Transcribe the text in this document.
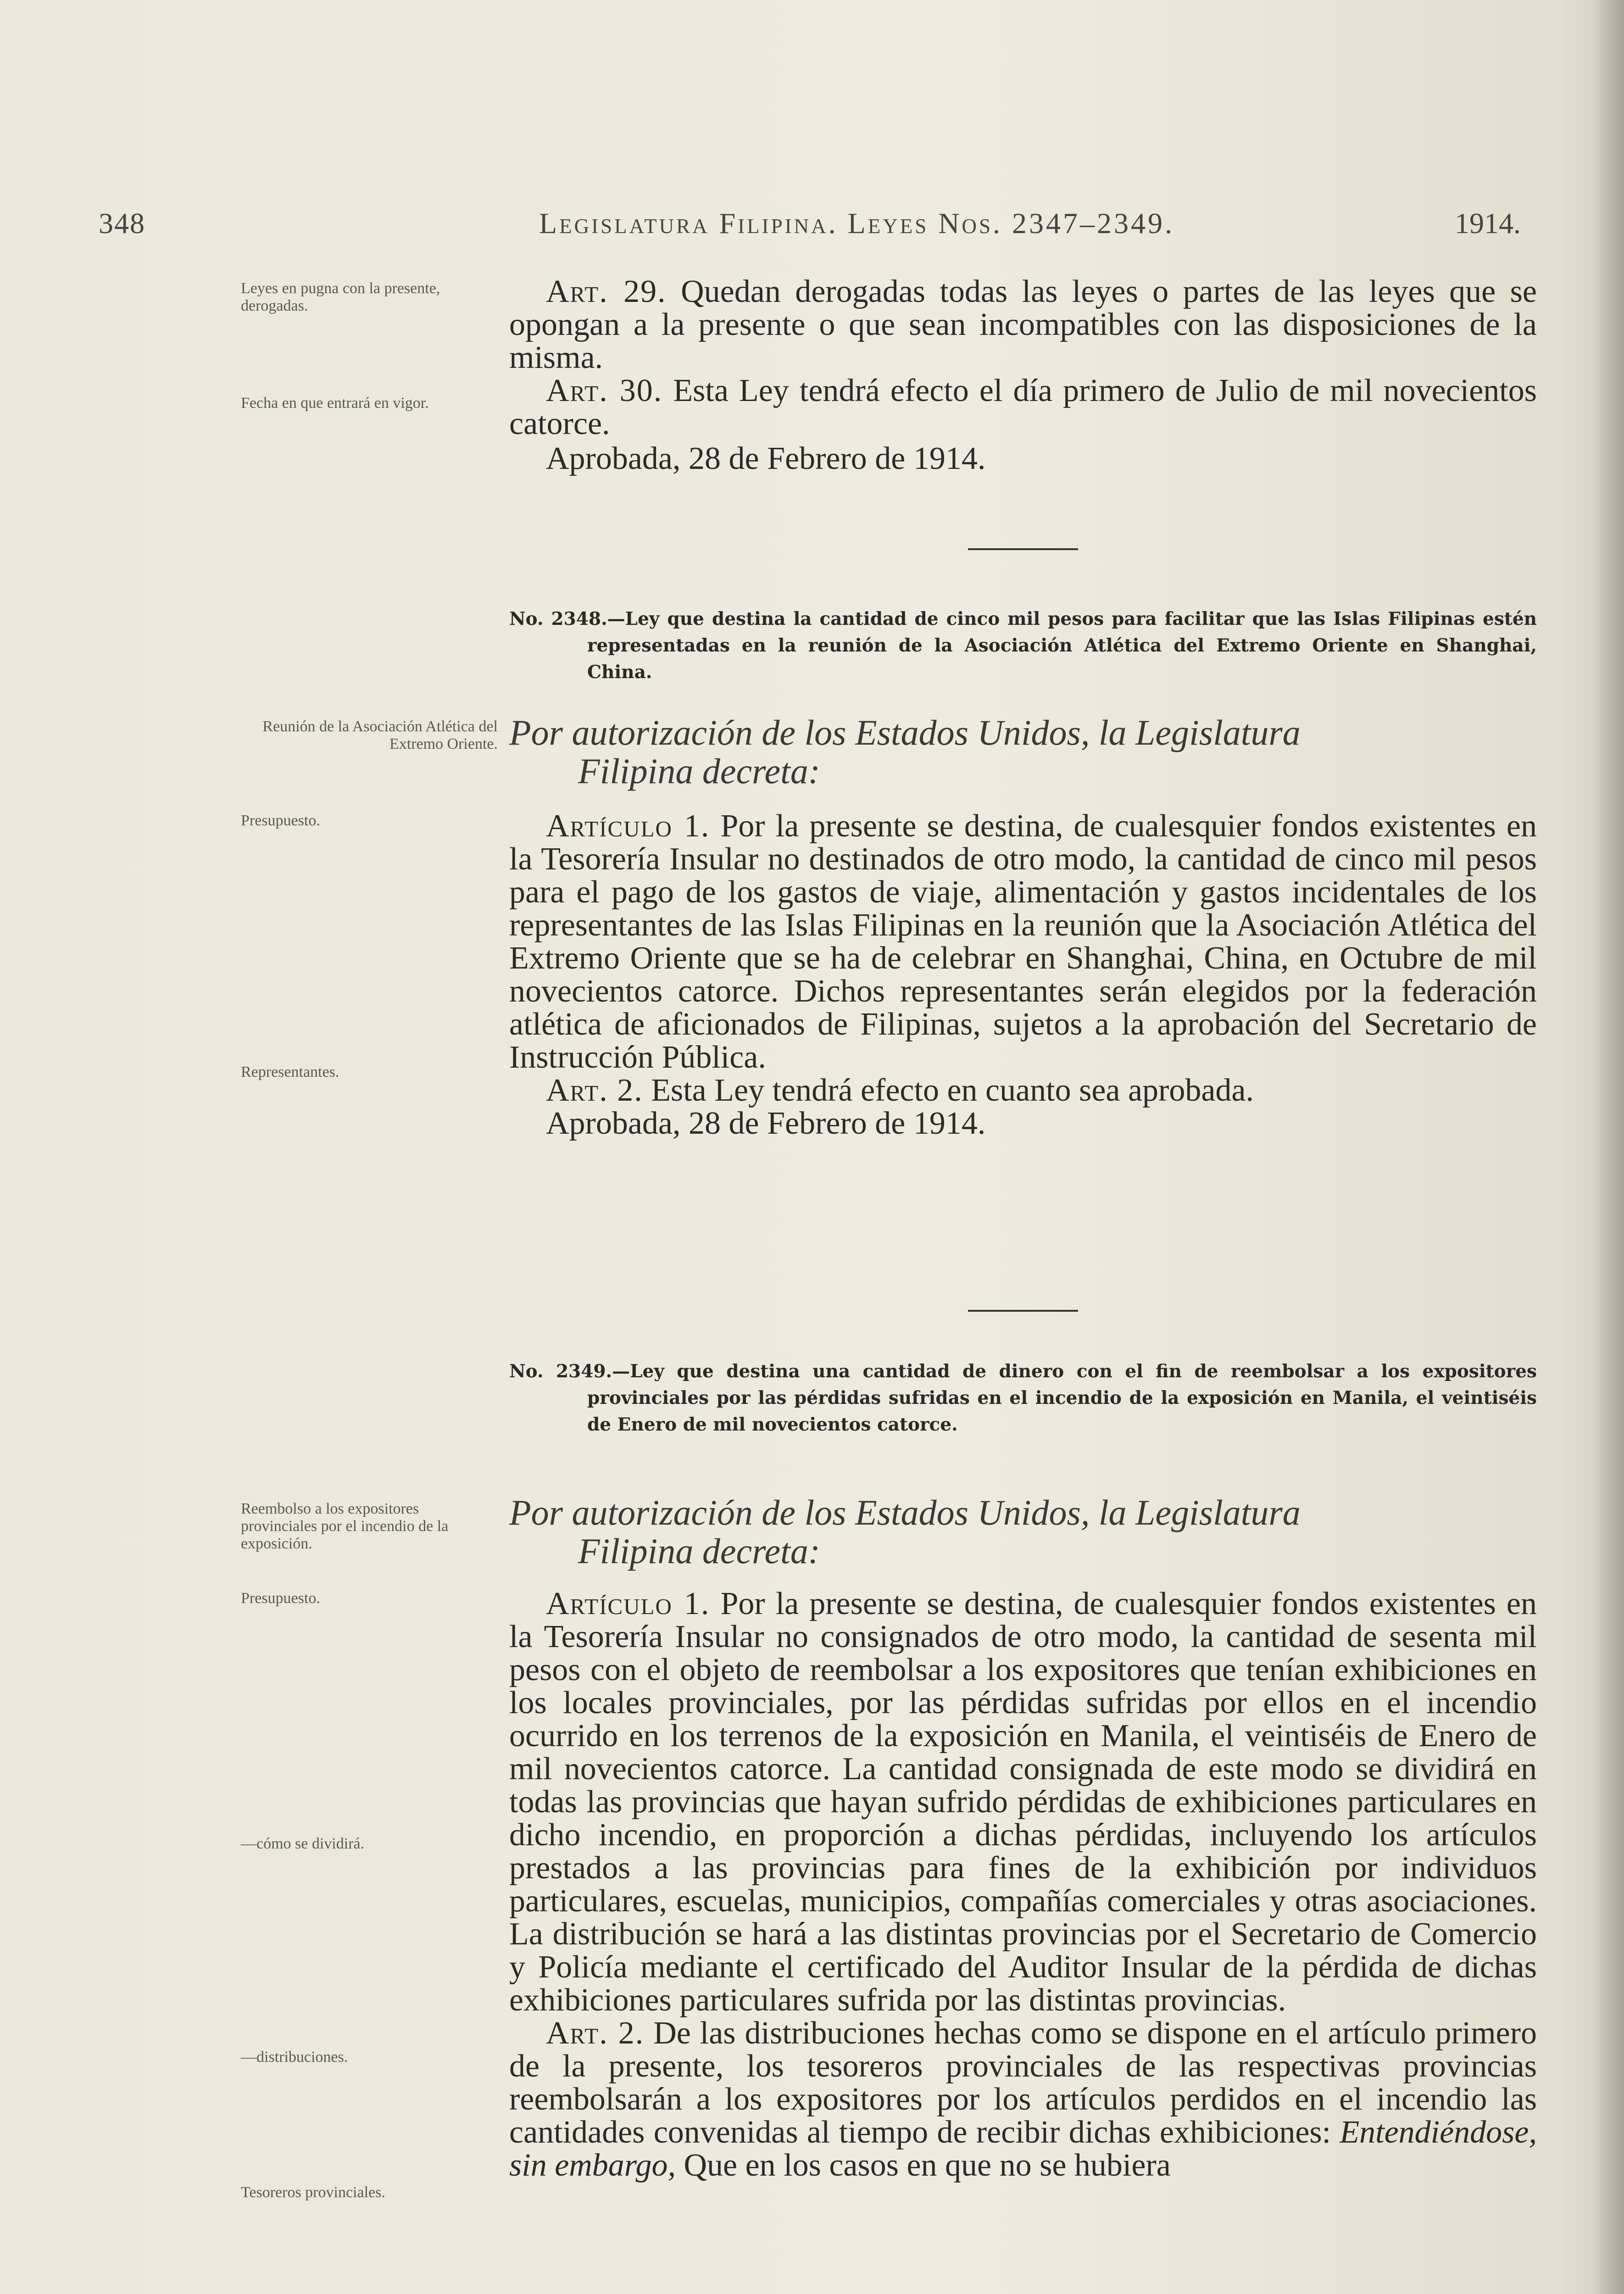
348	Legislatura Filipina. Leyes Nos. 2347–2349.	1914.
Leyes en pugna con la presente, derogadas.
Fecha en que entrará en vigor.
Art. 29. Quedan derogadas todas las leyes o partes de las leyes que se opongan a la presente o que sean incompatibles con las disposiciones de la misma.
Art. 30. Esta Ley tendrá efecto el día primero de Julio de mil novecientos catorce.
Aprobada, 28 de Febrero de 1914.
No. 2348.—Ley que destina la cantidad de cinco mil pesos para facilitar que las Islas Filipinas estén representadas en la reunión de la Asociación Atlética del Extremo Oriente en Shanghai, China.
Reunión de la Asociación Atlética del Extremo Oriente. Por autorización de los Estados Unidos, la Legislatura
Filipina decreta:
Presupuesto.
Representantes.
Artículo 1. Por la presente se destina, de cualesquier fondos existentes en la Tesorería Insular no destinados de otro modo, la cantidad de cinco mil pesos para el pago de los gastos de viaje, alimentación y gastos incidentales de los representantes de las Islas Filipinas en la reunión que la Asociación Atlética del Extremo Oriente que se ha de celebrar en Shanghai, China, en Octubre de mil novecientos catorce. Dichos representantes serán elegidos por la federación atlética de aficionados de Filipinas, sujetos a la aprobación del Secretario de Instrucción Pública.
Art. 2. Esta Ley tendrá efecto en cuanto sea aprobada.
Aprobada, 28 de Febrero de 1914.
No. 2349.—Ley que destina una cantidad de dinero con el fin de reembolsar a los expositores provinciales por las pérdidas sufridas en el incendio de la exposición en Manila, el veintiséis de Enero de mil novecientos catorce.
Reembolso a los expositores provinciales por el incendio de la exposición.
Por autorización de los Estados Unidos, la Legislatura
Filipina decreta:
Presupuesto.
—cómo se dividirá.
—distribuciones.
Tesoreros provinciales.
Artículo 1. Por la presente se destina, de cualesquier fondos existentes en la Tesorería Insular no consignados de otro modo, la cantidad de sesenta mil pesos con el objeto de reembolsar a los expositores que tenían exhibiciones en los locales provinciales, por las pérdidas sufridas por ellos en el incendio ocurrido en los terrenos de la exposición en Manila, el veintiséis de Enero de mil novecientos catorce. La cantidad consignada de este modo se dividirá en todas las provincias que hayan sufrido pérdidas de exhibiciones particulares en dicho incendio, en proporción a dichas pérdidas, incluyendo los artículos prestados a las provincias para fines de la exhibición por individuos particulares, escuelas, municipios, compañías comerciales y otras asociaciones. La distribución se hará a las distintas provincias por el Secretario de Comercio y Policía mediante el certificado del Auditor Insular de la pérdida de dichas exhibiciones particulares sufrida por las distintas provincias.
Art. 2. De las distribuciones hechas como se dispone en el artículo primero de la presente, los tesoreros provinciales de las respectivas provincias reembolsarán a los expositores por los artículos perdidos en el incendio las cantidades convenidas al tiempo de recibir dichas exhibiciones: Entendiéndose, sin embargo, Que en los casos en que no se hubiera
